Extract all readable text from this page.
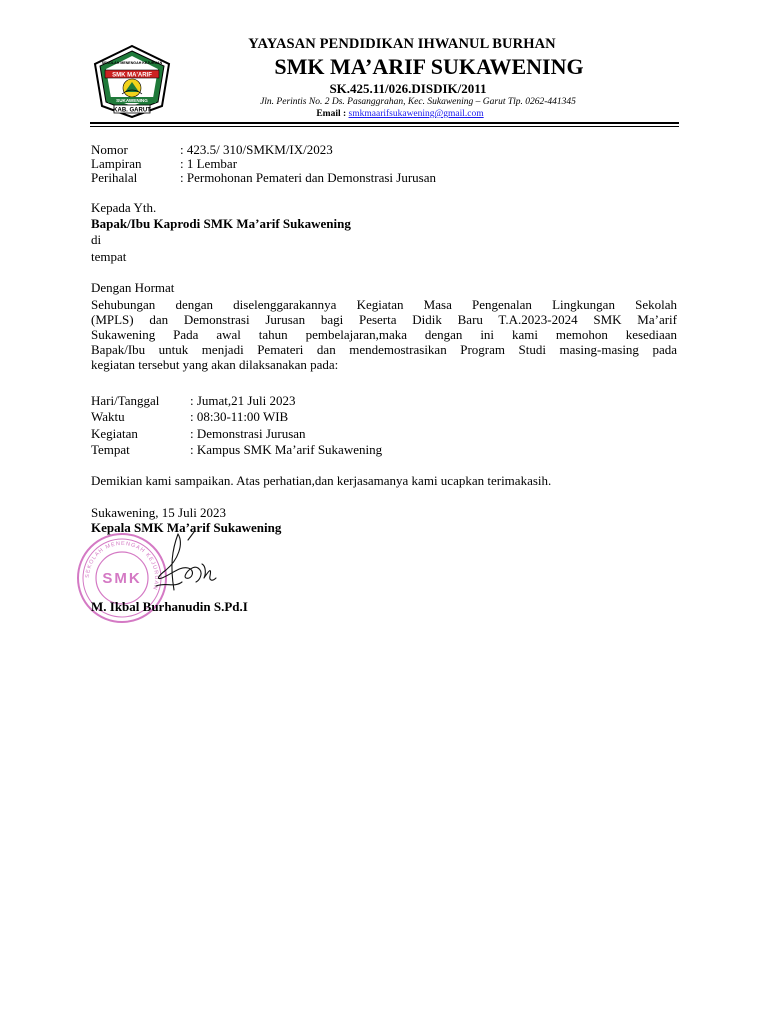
SMK MA'ARIF
SUKAWENING
KAB. GARUT
SEKOLAH MENENGAH KEJURUAN
YAYASAN PENDIDIKAN IHWANUL BURHAN
SMK MA’ARIF SUKAWENING
SK.425.11/026.DISDIK/2011
Jln. Perintis No. 2 Ds. Pasanggrahan, Kec. Sukawening – Garut Tlp. 0262-441345
Email : smkmaarifsukawening@gmail.com
Nomor	: 423.5/ 310/SMKM/IX/2023
Lampiran	: 1 Lembar
Perihalal	: Permohonan Pemateri dan Demonstrasi Jurusan
Kepada Yth.
Bapak/Ibu Kaprodi SMK Ma’arif Sukawening
di
tempat
Dengan Hormat
Sehubungan dengan diselenggarakannya Kegiatan Masa Pengenalan Lingkungan Sekolah
(MPLS) dan Demonstrasi Jurusan bagi Peserta Didik Baru T.A.2023-2024 SMK Ma’arif
Sukawening Pada awal tahun pembelajaran,maka dengan ini kami memohon kesediaan
Bapak/Ibu untuk menjadi Pemateri dan mendemostrasikan Program Studi masing-masing pada
kegiatan tersebut yang akan dilaksanakan pada:
Hari/Tanggal : Jumat,21 Juli 2023
Waktu	: 08:30-11:00 WIB
Kegiatan	: Demonstrasi Jurusan
Tempat	: Kampus SMK Ma’arif Sukawening
Demikian kami sampaikan. Atas perhatian,dan kerjasamanya kami ucapkan terimakasih.
Sukawening, 15 Juli 2023
Kepala SMK Ma’arif Sukawening
SEKOLAH MENENGAH KEJURUAN
SMK
M. Ikbal Burhanudin S.Pd.I
